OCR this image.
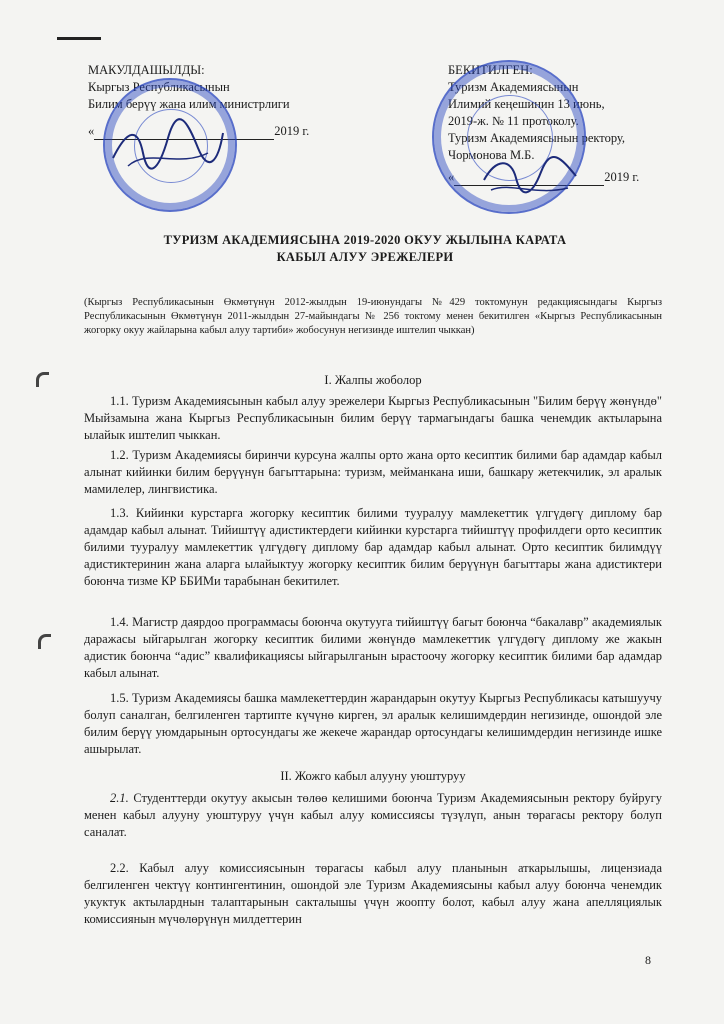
МАКУЛДАШЫЛДЫ:
Кыргыз Республикасынын
Билим берүү жана илим министрлиги
«	2019 г.
БЕКИТИЛГЕН:
Туризм Академиясынын
Илимий кеңешинин 13 июнь,
2019-ж. № 11 протоколу.
Туризм Академиясынын ректору,
Чормонова М.Б.
«	2019 г.
ТУРИЗМ АКАДЕМИЯСЫНА 2019-2020 ОКУУ ЖЫЛЫНА КАРАТА
КАБЫЛ АЛУУ ЭРЕЖЕЛЕРИ
(Кыргыз Республикасынын Өкмөтүнүн 2012-жылдын 19-июнундагы №429 токтомунун редакциясындагы Кыргыз Республикасынын Өкмөтүнүн 2011-жылдын 27-майындагы № 256 токтому менен бекитилген «Кыргыз Республикасынын жогорку окуу жайларына кабыл алуу тартиби» жобосунун негизинде иштелип чыккан)
I. Жалпы жоболор
1.1. Туризм Академиясынын кабыл алуу эрежелери Кыргыз Республикасынын "Билим берүү жөнүндө" Мыйзамына жана Кыргыз Республикасынын билим берүү тармагындагы башка ченемдик актыларына ылайык иштелип чыккан.
1.2. Туризм Академиясы биринчи курсуна жалпы орто жана орто кесиптик билими бар адамдар кабыл алынат кийинки билим берүүнүн багыттарына: туризм, мейманкана иши, башкару жетекчилик, эл аралык мамилелер, лингвистика.
1.3. Кийинки курстарга жогорку кесиптик билими тууралуу мамлекеттик үлгүдөгү диплому бар адамдар кабыл алынат. Тийиштүү адистиктердеги кийинки курстарга тийиштүү профилдеги орто кесиптик билими тууралуу мамлекеттик үлгүдөгү диплому бар адамдар кабыл алынат. Орто кесиптик билимдүү адистиктеринин жана аларга ылайыктуу жогорку кесиптик билим берүүнүн багыттары жана адистиктери боюнча тизме КР ББИМи тарабынан бекитилет.
1.4. Магистр даярдоо программасы боюнча окутууга тийиштүү багыт боюнча “бакалавр” академиялык даражасы ыйгарылган жогорку кесиптик билими жөнүндө мамлекеттик үлгүдөгү диплому же жакын адистик боюнча “адис” квалификациясы ыйгарылганын ырастоочу жогорку кесиптик билими бар адамдар кабыл алынат.
1.5. Туризм Академиясы башка мамлекеттердин жарандарын окутуу Кыргыз Республикасы катышуучу болуп саналган, белгиленген тартипте күчүнө кирген, эл аралык келишимдердин негизинде, ошондой эле билим берүү уюмдарынын ортосундагы же жекече жарандар ортосундагы келишимдердин негизинде ишке ашырылат.
II. Жожго кабыл алууну уюштуруу
2.1. Студенттерди окутуу акысын төлөө келишими боюнча Туризм Академиясынын ректору буйругу менен кабыл алууну уюштуруу үчүн кабыл алуу комиссиясы түзүлүп, анын төрагасы ректору болуп саналат.
2.2. Кабыл алуу комиссиясынын төрагасы кабыл алуу планынын аткарылышы, лицензиада белгиленген чектүү контингентинин, ошондой эле Туризм Академиясыны кабыл алуу боюнча ченемдик укуктук актыларднын талаптарынын сакталышы үчүн жоопту болот, кабыл алуу жана апелляциялык комиссиянын мүчөлөрүнүн милдеттерин
8
